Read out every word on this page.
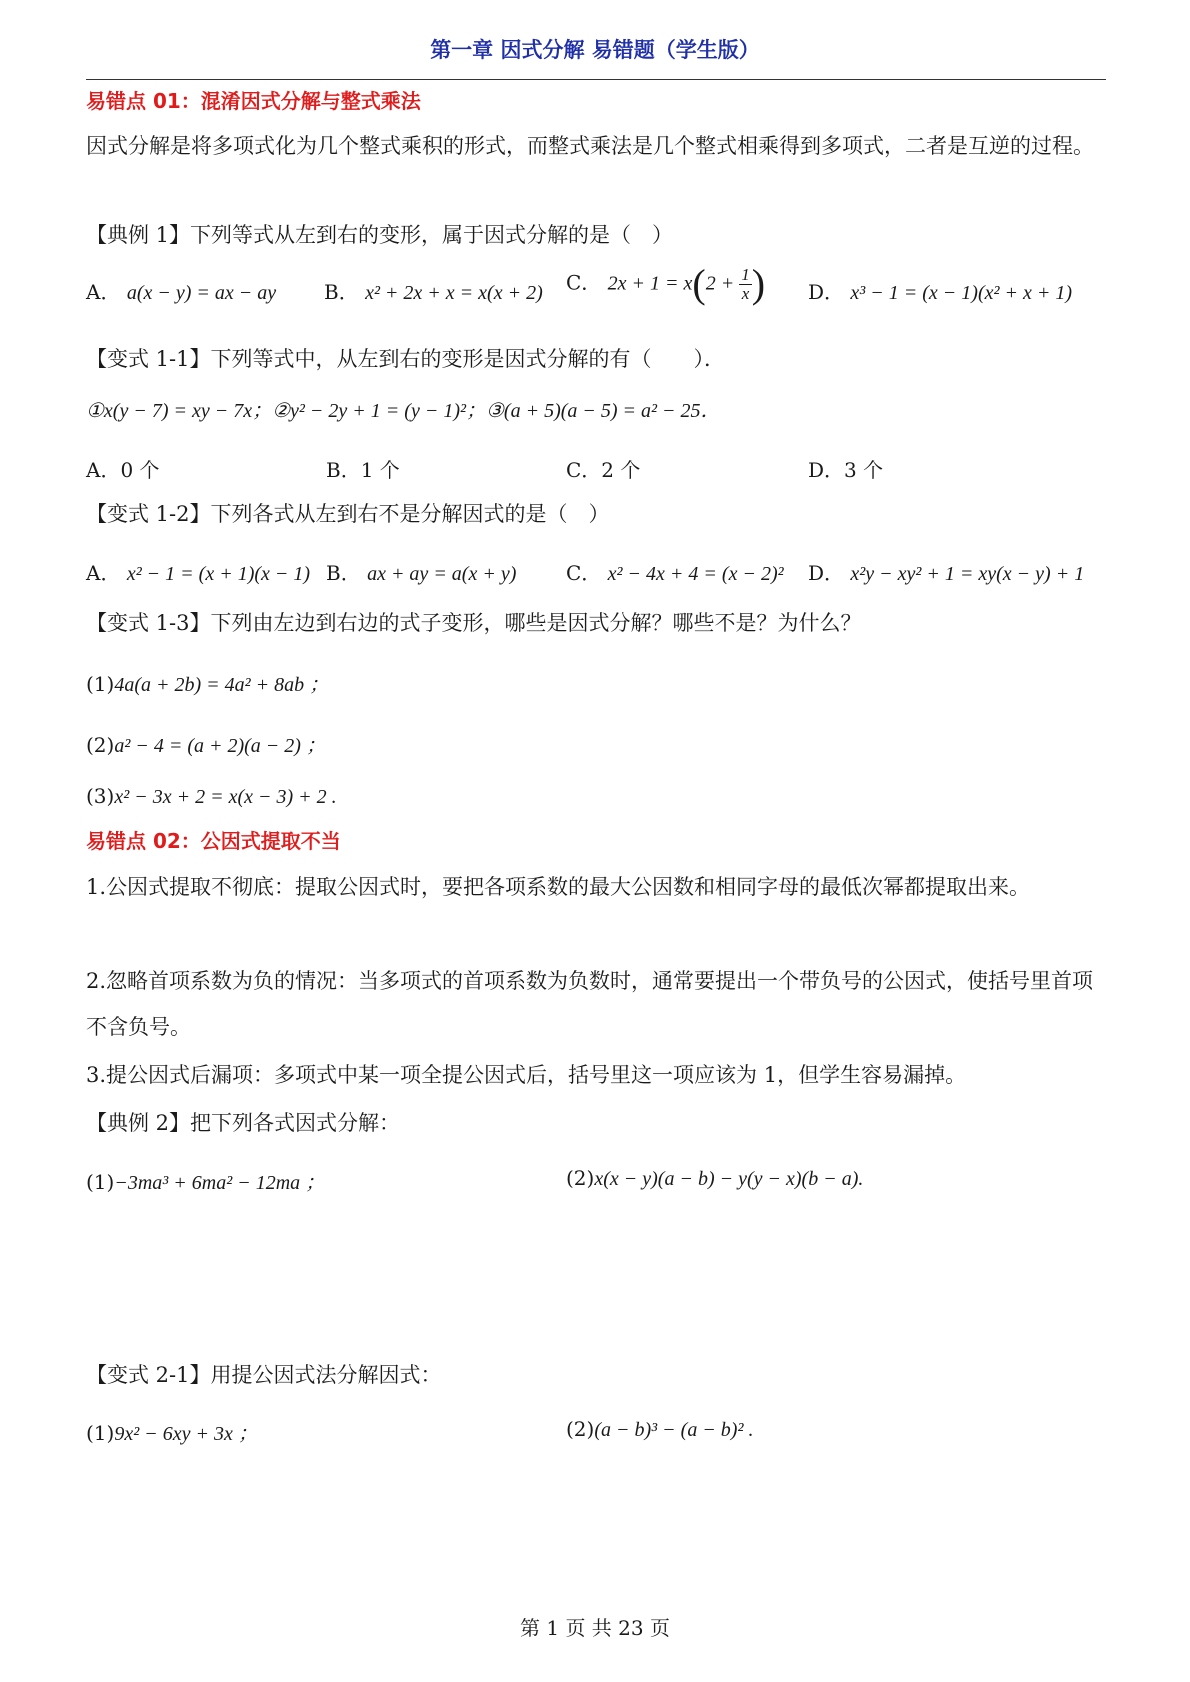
第一章 因式分解 易错题（学生版）
易错点 01：混淆因式分解与整式乘法
因式分解是将多项式化为几个整式乘积的形式，而整式乘法是几个整式相乘得到多项式，二者是互逆的过程。
【典例 1】下列等式从左到右的变形，属于因式分解的是（　）
A． a(x − y) = ax − ay B． x² + 2x + x = x(x + 2) C． $2x + 1 = x(2 + \frac{1}{x}$ ) D． x³ − 1 = (x − 1)(x² + x + 1)
【变式 1-1】下列等式中，从左到右的变形是因式分解的有（　　）．
①x(y − 7) = xy − 7x；②y² − 2y + 1 = (y − 1)²；③(a + 5)(a − 5) = a² − 25．
A．0 个	B．1 个	C．2 个	D．3 个
【变式 1-2】下列各式从左到右不是分解因式的是（　）
A． x² − 1 = (x + 1)(x − 1) B． ax + ay = a(x + y) C． x² − 4x + 4 = (x − 2)² D． x²y − xy² + 1 = xy(x − y) + 1
【变式 1-3】下列由左边到右边的式子变形，哪些是因式分解？哪些不是？为什么？
(1)4a(a + 2b) = 4a² + 8ab ；
(2)a² − 4 = (a + 2)(a − 2) ；
(3)x² − 3x + 2 = x(x − 3) + 2 .
易错点 02：公因式提取不当
1.公因式提取不彻底：提取公因式时，要把各项系数的最大公因数和相同字母的最低次幂都提取出来。
2.忽略首项系数为负的情况：当多项式的首项系数为负数时，通常要提出一个带负号的公因式，使括号里首项不含负号。
3.提公因式后漏项：多项式中某一项全提公因式后，括号里这一项应该为 1，但学生容易漏掉。
【典例 2】把下列各式因式分解：
(1)−3ma³ + 6ma² − 12ma ；	(2)x(x − y)(a − b) − y(y − x)(b − a).
【变式 2-1】用提公因式法分解因式：
(1)9x² − 6xy + 3x ；	(2)(a − b)³ − (a − b)² .
第 1 页 共 23 页
